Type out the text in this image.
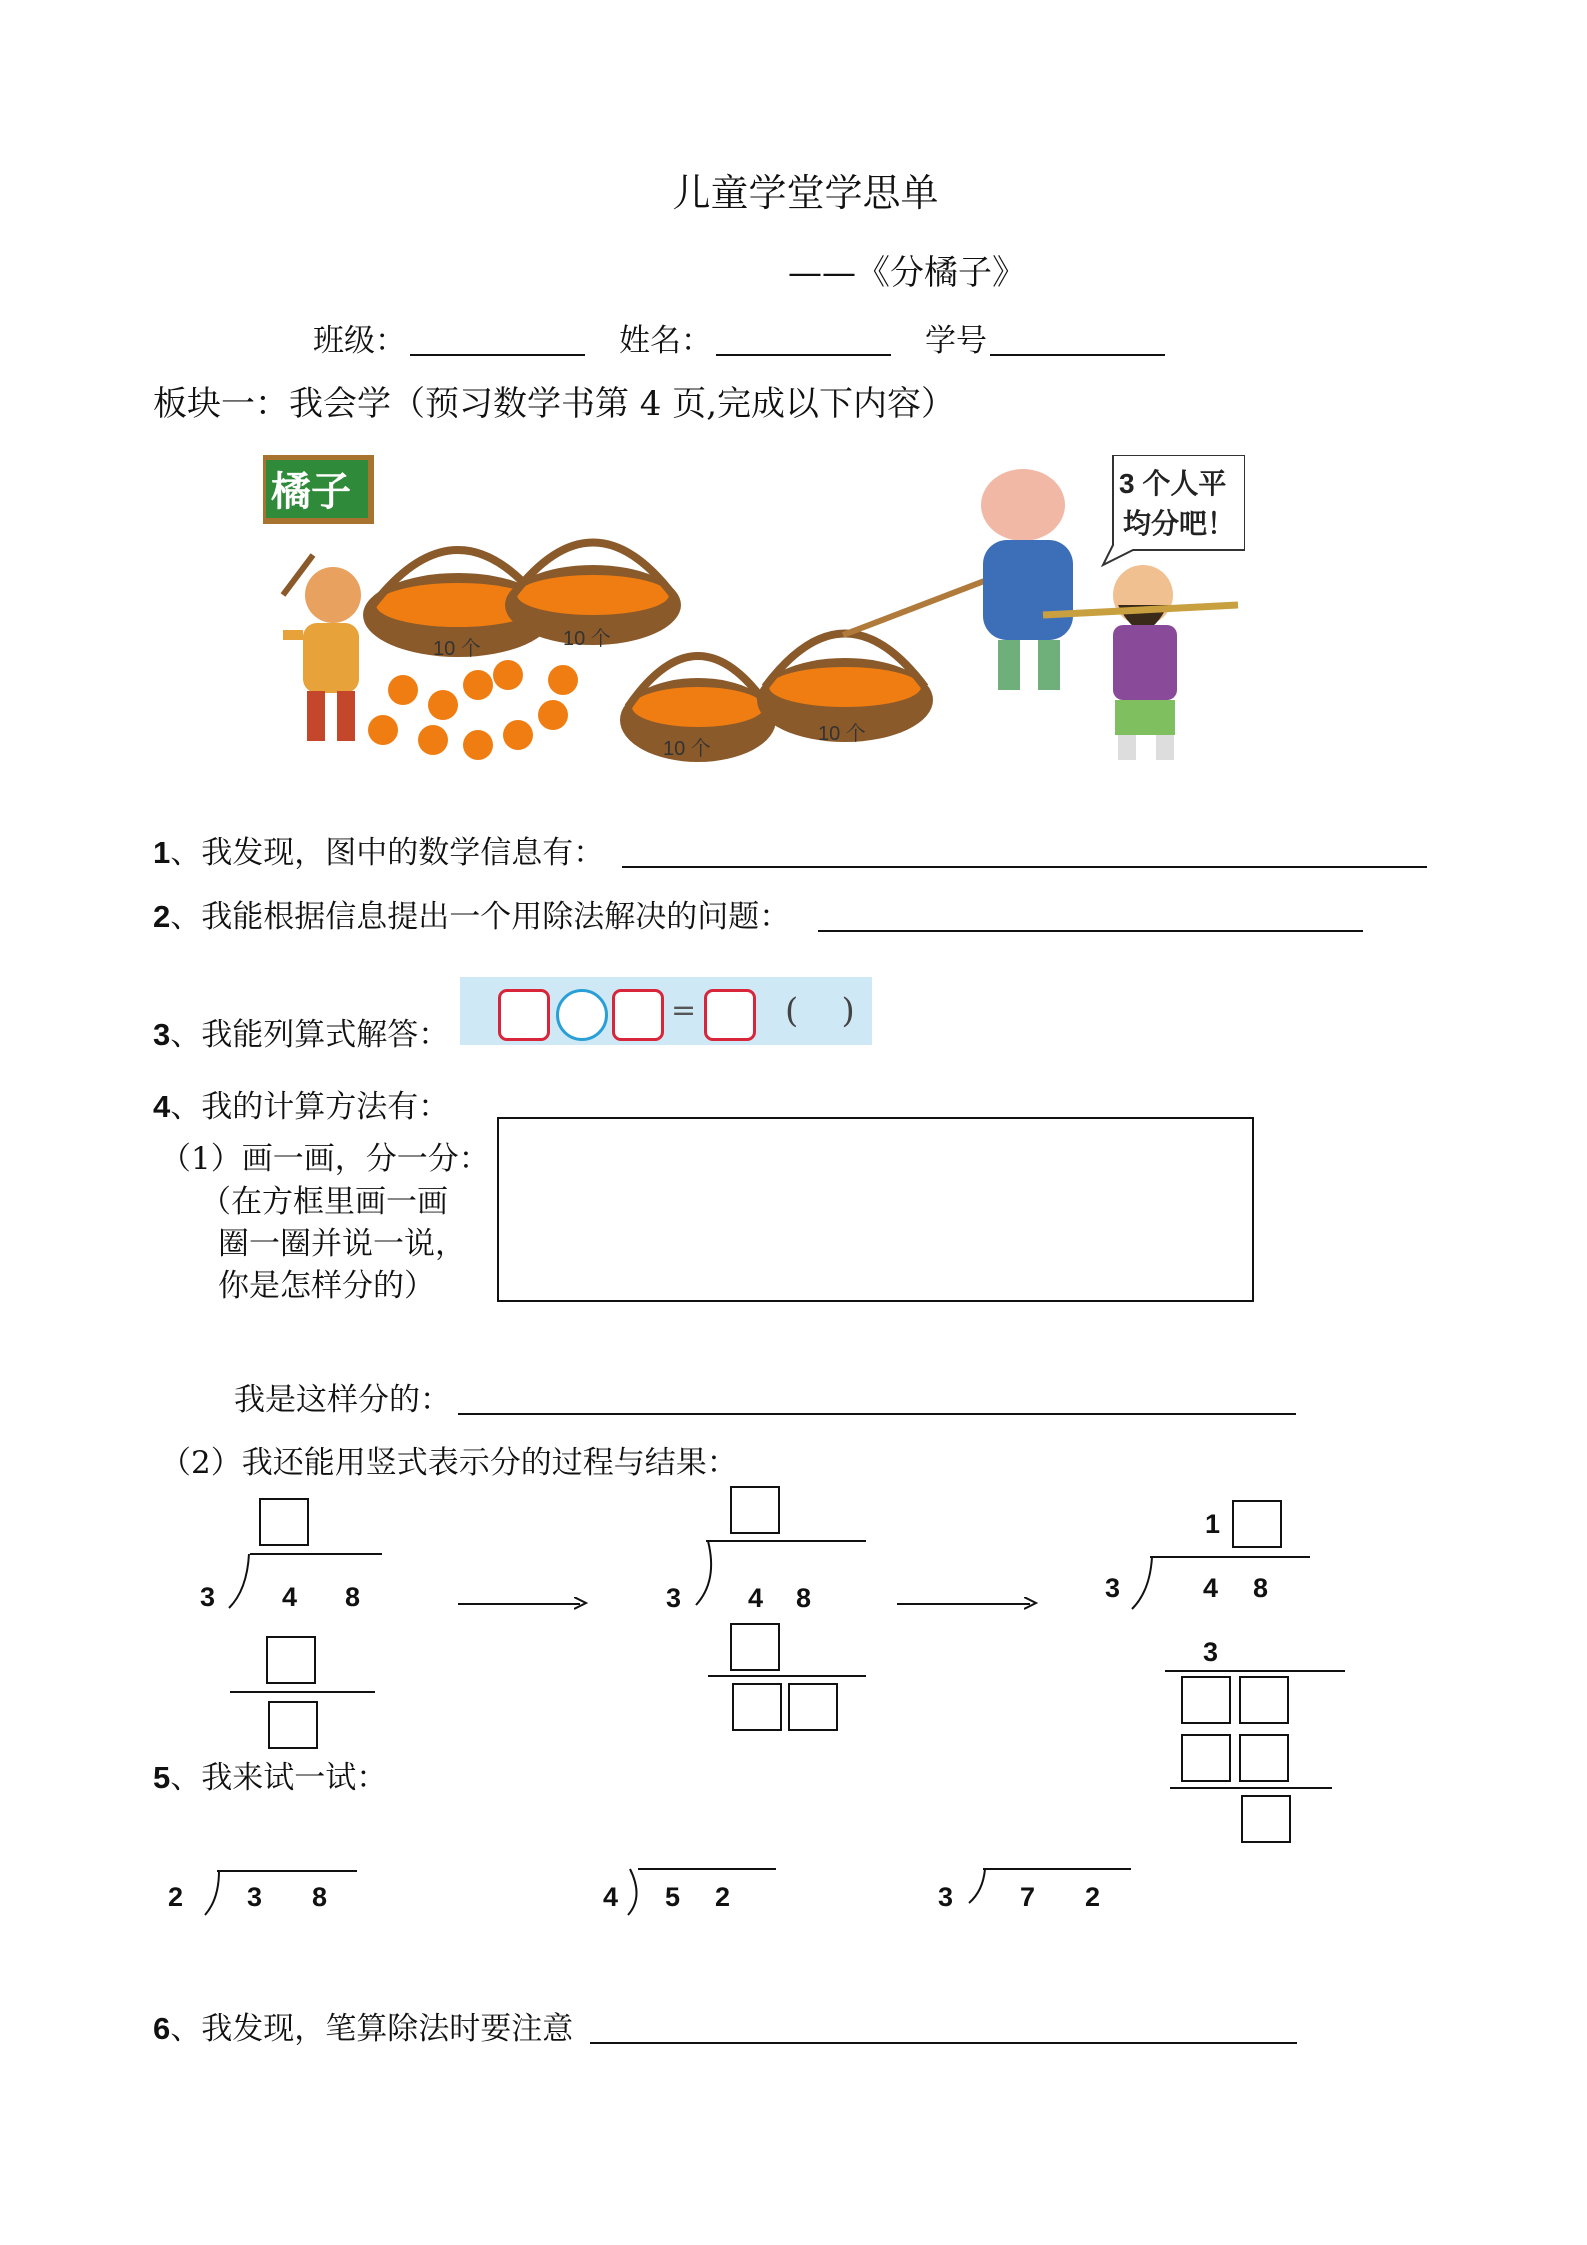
儿童学堂学思单
——《分橘子》
班级：	姓名：	学号
板块一：我会学（预习数学书第 4 页,完成以下内容）
橘子
10 个	10 个
10 个
10 个
3 个人平
均分吧！
1、我发现，图中的数学信息有：
2、我能根据信息提出一个用除法解决的问题：
3、我能列算式解答：
=	(    )
4、我的计算方法有：
（1）画一画，分一分：
（在方框里画一画
圈一圈并说一说，
你是怎样分的）
我是这样分的：
（2）我还能用竖式表示分的过程与结果：
3 4 8	3 4 8
1
3	4 8
3
5、我来试一试：
2 3 8	4 5 2	3 7 2
6、我发现，笔算除法时要注意
